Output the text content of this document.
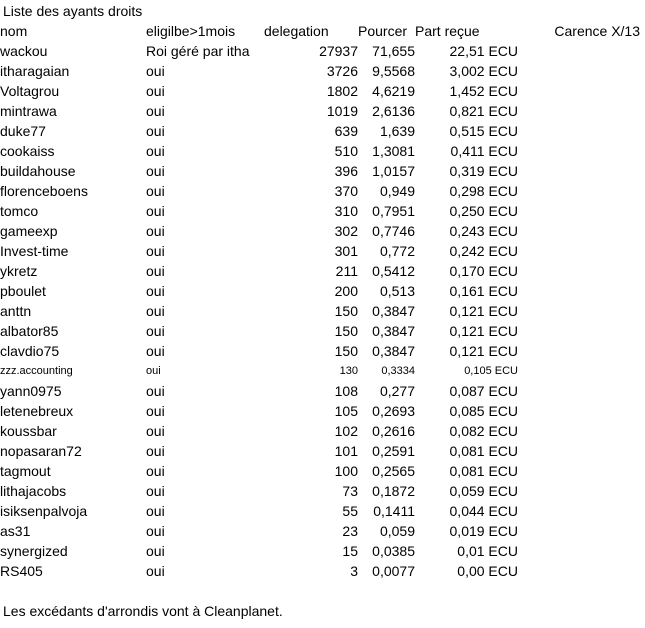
Liste des ayants droits
nom	eligilbe>1mois	delegation	Pourcer	Part reçue	Carence X/13
wackou	Roi géré par itha	27937	71,655	22,51 ECU	
itharagaian	oui	3726	9,5568	3,002 ECU	
Voltagrou	oui	1802	4,6219	1,452 ECU	
mintrawa	oui	1019	2,6136	0,821 ECU	
duke77	oui	639	1,639	0,515 ECU	
cookaiss	oui	510	1,3081	0,411 ECU	
buildahouse	oui	396	1,0157	0,319 ECU	
florenceboens	oui	370	0,949	0,298 ECU	
tomco	oui	310	0,7951	0,250 ECU	
gameexp	oui	302	0,7746	0,243 ECU	
Invest-time	oui	301	0,772	0,242 ECU	
ykretz	oui	211	0,5412	0,170 ECU	
pboulet	oui	200	0,513	0,161 ECU	
anttn	oui	150	0,3847	0,121 ECU	
albator85	oui	150	0,3847	0,121 ECU	
clavdio75	oui	150	0,3847	0,121 ECU	
zzz.accounting	oui	130	0,3334	0,105 ECU	
yann0975	oui	108	0,277	0,087 ECU	
letenebreux	oui	105	0,2693	0,085 ECU	
koussbar	oui	102	0,2616	0,082 ECU	
nopasaran72	oui	101	0,2591	0,081 ECU	
tagmout	oui	100	0,2565	0,081 ECU	
lithajacobs	oui	73	0,1872	0,059 ECU	
isiksenpalvoja	oui	55	0,1411	0,044 ECU	
as31	oui	23	0,059	0,019 ECU	
synergized	oui	15	0,0385	0,01 ECU	
RS405	oui	3	0,0077	0,00 ECU	
Les excédants d'arrondis vont à Cleanplanet.
